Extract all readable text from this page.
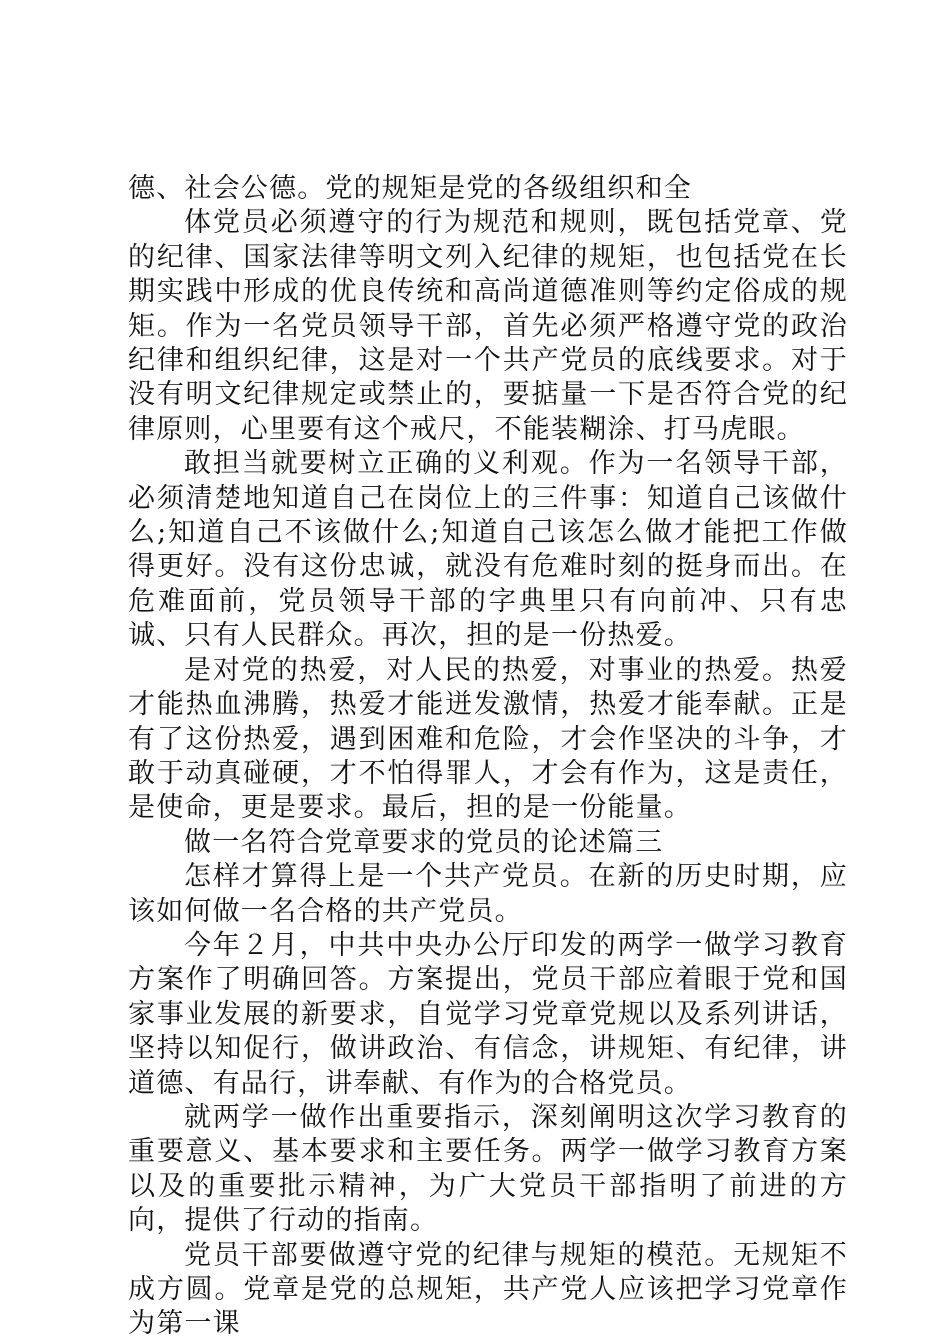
德、社会公德。党的规矩是党的各级组织和全

体党员必须遵守的行为规范和规则，既包括党章、党的纪律、国家法律等明文列入纪律的规矩，也包括党在长期实践中形成的优良传统和高尚道德准则等约定俗成的规矩。作为一名党员领导干部，首先必须严格遵守党的政治纪律和组织纪律，这是对一个共产党员的底线要求。对于没有明文纪律规定或禁止的，要掂量一下是否符合党的纪律原则，心里要有这个戒尺，不能装糊涂、打马虎眼。

敢担当就要树立正确的义利观。作为一名领导干部，必须清楚地知道自己在岗位上的三件事：知道自己该做什么;知道自己不该做什么;知道自己该怎么做才能把工作做得更好。没有这份忠诚，就没有危难时刻的挺身而出。在危难面前，党员领导干部的字典里只有向前冲、只有忠诚、只有人民群众。再次，担的是一份热爱。

是对党的热爱，对人民的热爱，对事业的热爱。热爱才能热血沸腾，热爱才能迸发激情，热爱才能奉献。正是有了这份热爱，遇到困难和危险，才会作坚决的斗争，才敢于动真碰硬，才不怕得罪人，才会有作为，这是责任，是使命，更是要求。最后，担的是一份能量。

做一名符合党章要求的党员的论述篇三

怎样才算得上是一个共产党员。在新的历史时期，应该如何做一名合格的共产党员。

今年２月，中共中央办公厅印发的两学一做学习教育方案作了明确回答。方案提出，党员干部应着眼于党和国家事业发展的新要求，自觉学习党章党规以及系列讲话，坚持以知促行，做讲政治、有信念，讲规矩、有纪律，讲道德、有品行，讲奉献、有作为的合格党员。

就两学一做作出重要指示，深刻阐明这次学习教育的重要意义、基本要求和主要任务。两学一做学习教育方案以及的重要批示精神，为广大党员干部指明了前进的方向，提供了行动的指南。

党员干部要做遵守党的纪律与规矩的模范。无规矩不成方圆。党章是党的总规矩，共产党人应该把学习党章作为第一课
